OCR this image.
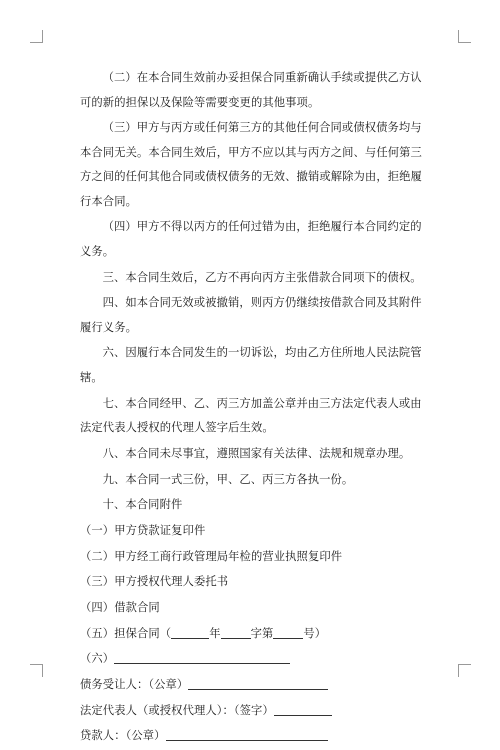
（二）在本合同生效前办妥担保合同重新确认手续或提供乙方认可的新的担保以及保险等需要变更的其他事项。

（三）甲方与丙方或任何第三方的其他任何合同或债权债务均与本合同无关。本合同生效后，甲方不应以其与丙方之间、与任何第三方之间的任何其他合同或债权债务的无效、撤销或解除为由，拒绝履行本合同。

（四）甲方不得以丙方的任何过错为由，拒绝履行本合同约定的义务。

三、本合同生效后，乙方不再向丙方主张借款合同项下的债权。

四、如本合同无效或被撤销，则丙方仍继续按借款合同及其附件履行义务。

六、因履行本合同发生的一切诉讼，均由乙方住所地人民法院管辖。

七、本合同经甲、乙、丙三方加盖公章并由三方法定代表人或由法定代表人授权的代理人签字后生效。

八、本合同未尽事宜，遵照国家有关法律、法规和规章办理。

九、本合同一式三份，甲、乙、丙三方各执一份。

十、本合同附件

（一）甲方贷款证复印件

（二）甲方经工商行政管理局年检的营业执照复印件

（三）甲方授权代理人委托书

（四）借款合同

（五）担保合同（	年	字第	号）

（六）

债务受让人：（公章）

法定代表人（或授权代理人）：（签字）

贷款人：（公章）
